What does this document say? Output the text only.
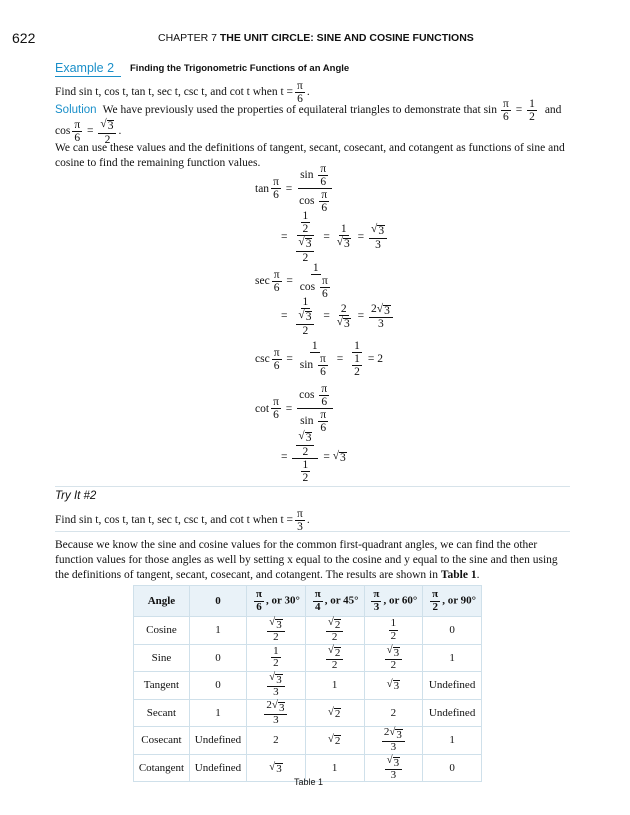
622	CHAPTER 7 THE UNIT CIRCLE: SINE AND COSINE FUNCTIONS
Example 2 Finding the Trigonometric Functions of an Angle
Find sin t, cos t, tan t, sec t, csc t, and cot t when $t = \frac{\pi}{6}$ .
Solution We have previously used the properties of equilateral triangles to demonstrate that $\sin \frac{\pi}{6} = \frac{1}{2}$ and
$\cos \frac{\pi}{6} = \frac{√ 3}{2}$ .
We can use these values and the definitions of tangent, secant, cosecant, and cotangent as functions of sine and cosine to find the remaining function values.
$\tan \frac{\pi}{6} = \frac{\sin \frac{\pi}{6}}{\cos \frac{\pi}{6}}$
= $\frac{\frac{1}{2}}{\frac{√ 3}{2}} = \frac{1}{√ 3} = \frac{√ 3}{3}$
$\sec \frac{\pi}{6} = \frac{1}{\cos \frac{\pi}{6}}$
= $\frac{1}{\frac{√ 3}{2}} = \frac{2}{√ 3} = \frac{2 √ 3}{3}$
$\csc \frac{\pi}{6} = \frac{1}{\sin \frac{\pi}{6}} = \frac{1}{\frac{1}{2}} = 2$
$\cot \frac{\pi}{6} = \frac{\cos \frac{\pi}{6}}{\sin \frac{\pi}{6}}$
= $\frac{\frac{√ 3}{2}}{\frac{1}{2}}$ = √ 3
Try It #2
Find sin t, cos t, tan t, sec t, csc t, and cot t when $t = \frac{\pi}{3}$ .
Because we know the sine and cosine values for the common first-quadrant angles, we can find the other function values for those angles as well by setting x equal to the cosine and y equal to the sine and then using the definitions of tangent, secant, cosecant, and cotangent. The results are shown in Table 1.
Angle	0	$\frac{\pi}{6}$ , or 30°	$\frac{\pi}{4}$ , or 45°	$\frac{\pi}{3}$ , or 60°	$\frac{\pi}{2}$ , or 90°
Cosine	1	$\frac{√ 3}{2}$	$\frac{√ 2}{2}$	$\frac{1}{2}$	0
Sine	0	$\frac{1}{2}$	$\frac{√ 2}{2}$	$\frac{√ 3}{2}$	1
Tangent	0	$\frac{√ 3}{3}$	1	√ 3	Undefined
Secant	1	$\frac{2 √ 3}{3}$	√ 2	2	Undefined
Cosecant	Undefined	2	√ 2	$\frac{2 √ 3}{3}$	1
Cotangent	Undefined	√ 3	1	$\frac{√ 3}{3}$	0
Table 1
